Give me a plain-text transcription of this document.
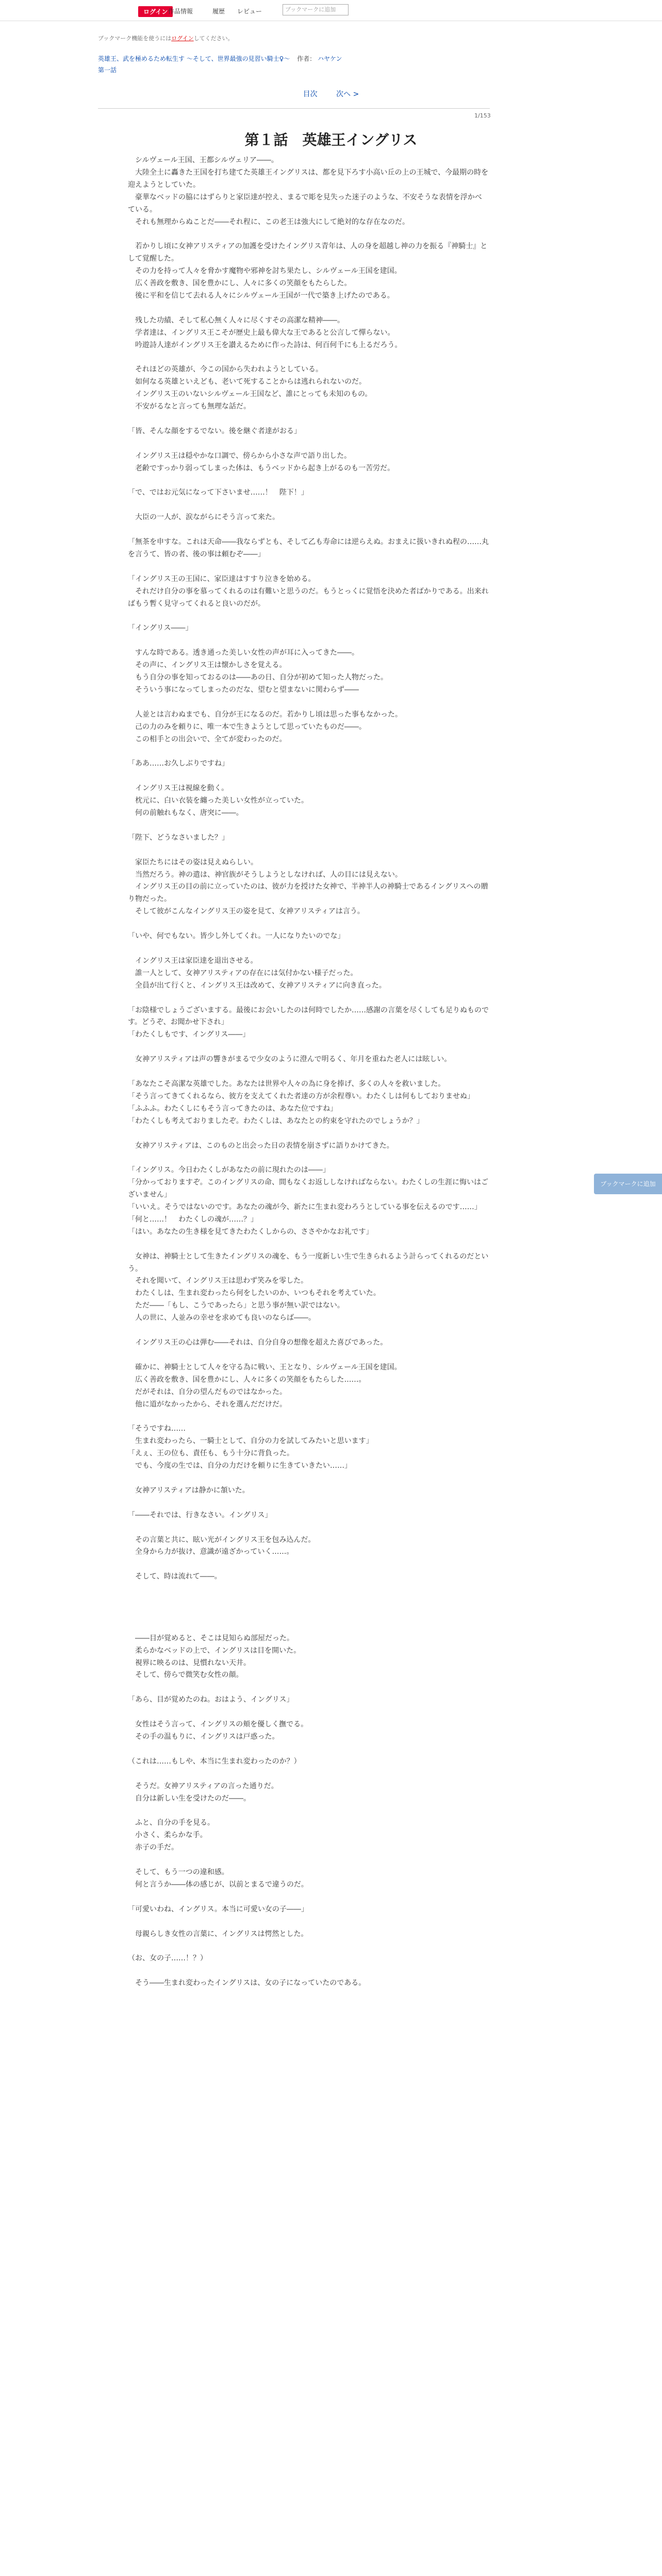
ログイン 作品情報	履歴 レビュー	ブックマークに追加
ブックマーク機能を使うにはログインしてください。
英雄王、武を極めるため転生す ～そして、世界最強の見習い騎士♀～ 作者： ハヤケン
第一話
目次	次へ >
1/153
第１話　英雄王イングリス
　シルヴェール王国、王都シルヴェリア――。
　大陸全土に轟きた王国を打ち建てた英雄王イングリスは、都を見下ろす小高い丘の上の王城で、今最期の時を迎えようとしていた。
　豪華なベッドの脇にはずらりと家臣達が控え、まるで彫を見失った迷子のような、不安そうな表情を浮かべている。
　それも無理からぬことだ――それ程に、この老王は強大にして絶対的な存在なのだ。

　若かりし頃に女神アリスティアの加護を受けたイングリス青年は、人の身を超越し神の力を振る『神騎士』として覚醒した。
　その力を持って人々を脅かす魔物や邪神を討ち果たし、シルヴェール王国を建国。
　広く善政を敷き、国を豊かにし、人々に多くの笑顔をもたらした。
　後に平和を信じて去れる人々にシルヴェール王国が一代で築き上げたのである。

　残した功績、そして私心無く人々に尽くすその高潔な精神――。
　学者達は、イングリス王こそが歴史上最も偉大な王であると公言して憚らない。
　吟遊詩人達がイングリス王を讃えるために作った詩は、何百何千にも上るだろう。

　それほどの英雄が、今この国から失われようとしている。
　如何なる英雄といえども、老いて死することからは逃れられないのだ。
　イングリス王のいないシルヴェール王国など、誰にとっても未知のもの。
　不安がるなと言っても無理な話だ。

「皆、そんな顔をするでない。後を継ぐ者達がおる」

　イングリス王は穏やかな口調で、傍らから小さな声で語り出した。
　老齢ですっかり弱ってしまった体は、もうベッドから起き上がるのも一苦労だ。

「で、ではお元気になって下さいませ……！　陛下！」

　大臣の一人が、涙ながらにそう言って来た。

「無茶を申すな。これは天命――我ならずとも、そして乙も寿命には逆らえぬ。おまえに扱いきれぬ程の……丸を言うて、皆の者、後の事は頼むぞ――」

「イングリス王の王国に、家臣達はすすり泣きを始める。
　それだけ自分の事を慕ってくれるのは有難いと思うのだ。もうとっくに覚悟を決めた者ばかりである。出来ればもう暫く見守ってくれると良いのだが。

「イングリス――」

　すんな時である。透き通った美しい女性の声が耳に入ってきた――。
　その声に、イングリス王は懐かしさを覚える。
　もう自分の事を知っておるのは――あの日、自分が初めて知った人物だった。
　そういう事になってしまったのだな、望むと望まないに関わらず――

　人並とは言わぬまでも、自分が王になるのだ。若かりし頃は思った事もなかった。
　己の力のみを頼りに、唯一本で生きようとして思っていたものだ――。
　この相手との出会いで、全てが変わったのだ。

「ああ……お久しぶりですね」

　イングリス王は視線を動く。
　枕元に、白い衣装を纏った美しい女性が立っていた。
　何の前触れもなく、唐突に――。

「陛下、どうなさいました？」

　家臣たちにはその姿は見えぬらしい。
　当然だろう。神の遣は、神官族がそうしようとしなければ、人の目には見えない。
　イングリス王の目の前に立っていたのは、彼が力を授けた女神で、半神半人の神騎士であるイングリスへの贈り物だった。
　そして彼がこんなイングリス王の姿を見て、女神アリスティアは言う。

「いや、何でもない。皆少し外してくれ。一人になりたいのでな」

　イングリス王は家臣達を退出させる。
　誰一人として、女神アリスティアの存在には気付かない様子だった。
　全員が出て行くと、イングリス王は改めて、女神アリスティアに向き直った。

「お陰様でしょうございまする。最後にお会いしたのは何時でしたか……感謝の言葉を尽くしても足りぬものです。どうぞ、お聞かせ下され」
「わたくしもです、イングリス――」

　女神アリスティアは声の響きがまるで少女のように澄んで明るく、年月を重ねた老人には眩しい。

「あなたこそ高潔な英雄でした。あなたは世界や人々の為に身を捧げ、多くの人々を救いました。
「そう言ってきてくれるなら、彼方を支えてくれた者達の方が余程尊い。わたくしは何もしておりませぬ」
「ふふふ。わたくしにもそう言ってきたのは、あなた位ですね」
「わたくしも考えておりましたぞ。わたくしは、あなたとの約束を守れたのでしょうか？」

　女神アリスティアは、このものと出会った日の表情を崩さずに語りかけてきた。

「イングリス。今日わたくしがあなたの前に現れたのは――」
「分かっておりますぞ。このイングリスの命、間もなくお返ししなければならない。わたくしの生涯に悔いはございません」
「いいえ。そうではないのです。あなたの魂が今、新たに生まれ変わろうとしている事を伝えるのです……」
「何と……！　わたくしの魂が……？」
「はい。あなたの生き様を見てきたわたくしからの、ささやかなお礼です」

　女神は、神騎士として生きたイングリスの魂を、もう一度新しい生で生きられるよう計らってくれるのだという。
　それを聞いて、イングリス王は思わず笑みを零した。
　わたくしは、生まれ変わったら何をしたいのか、いつもそれを考えていた。
　ただ――「もし、こうであったら」と思う事が無い訳ではない。
　人の世に、人並みの幸せを求めても良いのならば――。

　イングリス王の心は弾む――それは、自分自身の想像を超えた喜びであった。

　確かに、神騎士として人々を守る為に戦い、王となり、シルヴェール王国を建国。
　広く善政を敷き、国を豊かにし、人々に多くの笑顔をもたらした……。
　だがそれは、自分の望んだものではなかった。
　他に道がなかったから、それを選んだだけだ。

「そうですね……
　生まれ変わったら、一騎士として、自分の力を試してみたいと思います」
「えぇ、王の位も、責任も、もう十分に背負った。
　でも、今度の生では、自分の力だけを頼りに生きていきたい……」

　女神アリスティアは静かに頷いた。

「――それでは、行きなさい。イングリス」

　その言葉と共に、眩い光がイングリス王を包み込んだ。
　全身から力が抜け、意識が遠ざかっていく……。

　そして、時は流れて――。

　――目が覚めると、そこは見知らぬ部屋だった。
　柔らかなベッドの上で、イングリスは目を開いた。
　視界に映るのは、見慣れない天井。
　そして、傍らで微笑む女性の顔。

「あら、目が覚めたのね。おはよう、イングリス」

　女性はそう言って、イングリスの頬を優しく撫でる。
　その手の温もりに、イングリスは戸惑った。

（これは……もしや、本当に生まれ変わったのか？）

　そうだ。女神アリスティアの言った通りだ。
　自分は新しい生を受けたのだ――。

　ふと、自分の手を見る。
　小さく、柔らかな手。
　赤子の手だ。

　そして、もう一つの違和感。
　何と言うか――体の感じが、以前とまるで違うのだ。

「可愛いわね、イングリス。本当に可愛い女の子――」

　母親らしき女性の言葉に、イングリスは愕然とした。

（お、女の子……！？）

　そう――生まれ変わったイングリスは、女の子になっていたのである。
ブックマークに追加
